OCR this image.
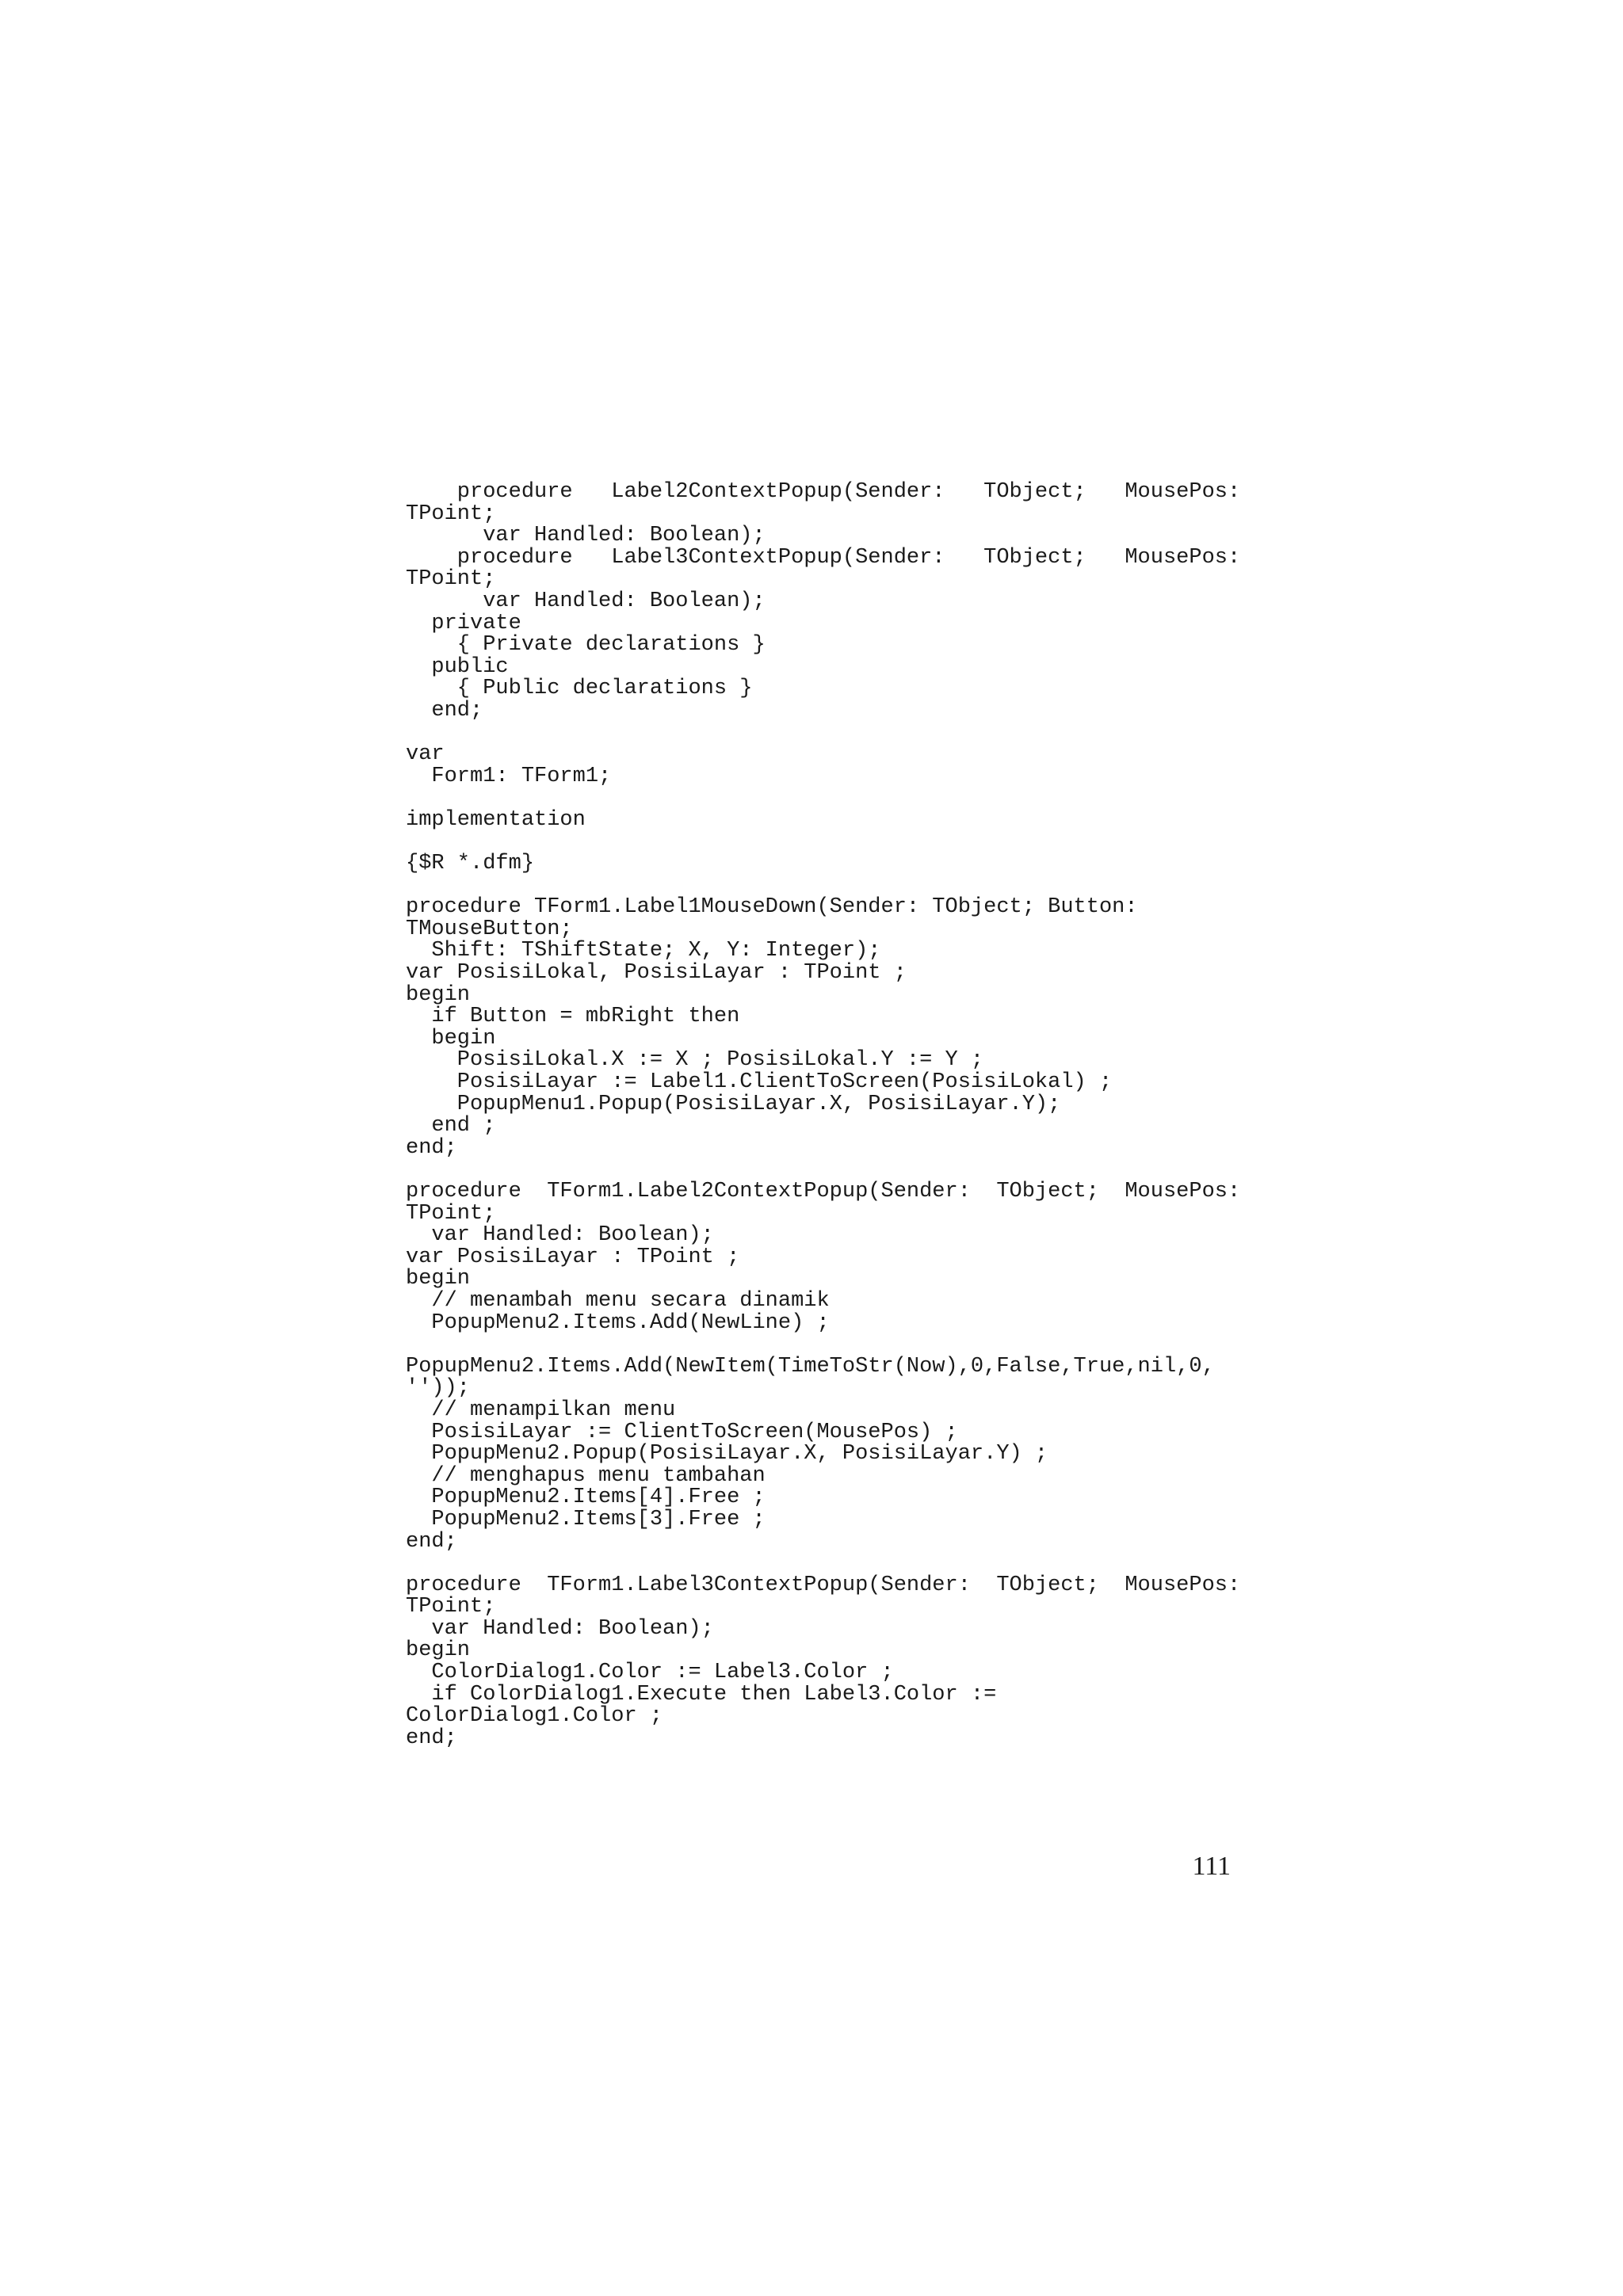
procedure   Label2ContextPopup(Sender:   TObject;   MousePos:
TPoint;
var Handled: Boolean);
procedure   Label3ContextPopup(Sender:   TObject;   MousePos:
TPoint;
var Handled: Boolean);
private
{ Private declarations }
public
{ Public declarations }
end;
var
Form1: TForm1;
implementation
{$R *.dfm}
procedure TForm1.Label1MouseDown(Sender: TObject; Button:
TMouseButton;
Shift: TShiftState; X, Y: Integer);
var PosisiLokal, PosisiLayar : TPoint ;
begin
if Button = mbRight then
begin
PosisiLokal.X := X ; PosisiLokal.Y := Y ;
PosisiLayar := Label1.ClientToScreen(PosisiLokal) ;
PopupMenu1.Popup(PosisiLayar.X, PosisiLayar.Y);
end ;
end;
procedure  TForm1.Label2ContextPopup(Sender:  TObject;  MousePos:
TPoint;
var Handled: Boolean);
var PosisiLayar : TPoint ;
begin
// menambah menu secara dinamik
PopupMenu2.Items.Add(NewLine) ;
PopupMenu2.Items.Add(NewItem(TimeToStr(Now),0,False,True,nil,0,
''));
// menampilkan menu
PosisiLayar := ClientToScreen(MousePos) ;
PopupMenu2.Popup(PosisiLayar.X, PosisiLayar.Y) ;
// menghapus menu tambahan
PopupMenu2.Items[4].Free ;
PopupMenu2.Items[3].Free ;
end;
procedure  TForm1.Label3ContextPopup(Sender:  TObject;  MousePos:
TPoint;
var Handled: Boolean);
begin
ColorDialog1.Color := Label3.Color ;
if ColorDialog1.Execute then Label3.Color :=
ColorDialog1.Color ;
end;
111
